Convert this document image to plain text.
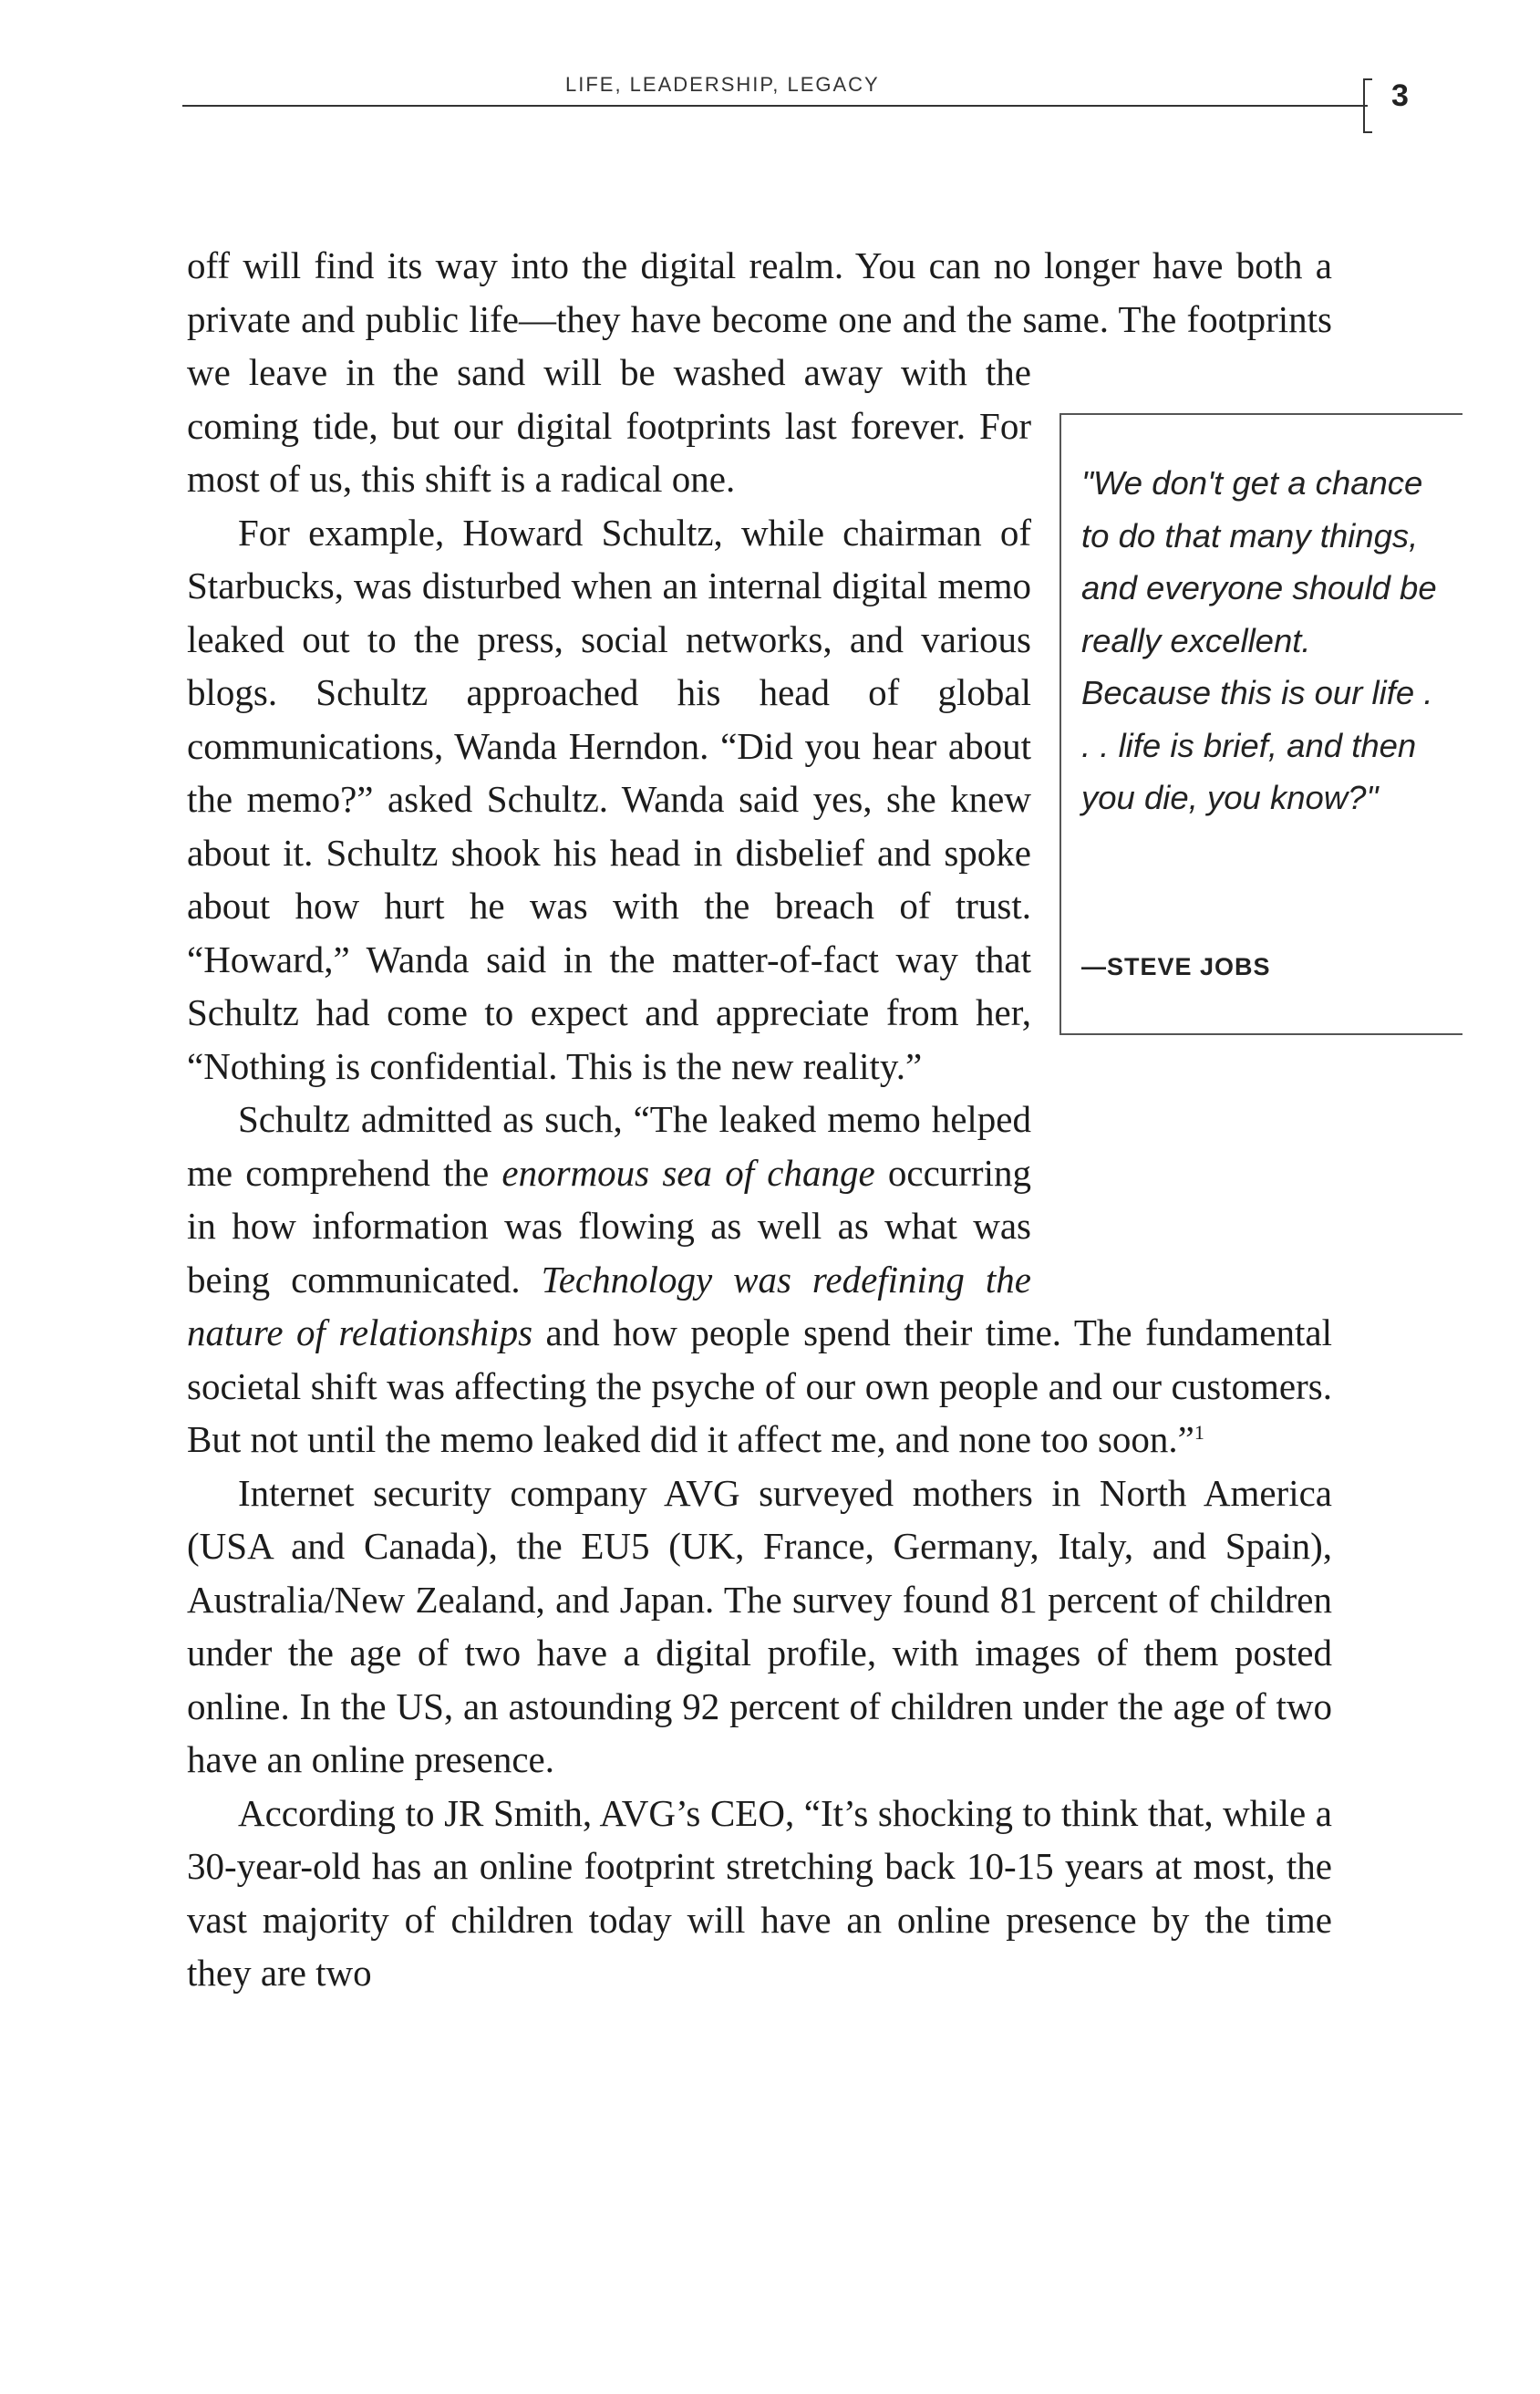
LIFE, LEADERSHIP, LEGACY	3

off will find its way into the digital realm. You can no longer have both a private and public life—they have become one and the same. The footprints we leave in the sand will be washed away with the coming tide, but our digital footprints last forever. For most of us, this shift is a radical one.

For example, Howard Schultz, while chairman of Starbucks, was disturbed when an internal digital memo leaked out to the press, social networks, and various blogs. Schultz approached his head of global communications, Wanda Herndon. “Did you hear about the memo?” asked Schultz. Wanda said yes, she knew about it. Schultz shook his head in disbelief and spoke about how hurt he was with the breach of trust. “Howard,” Wanda said in the matter-of-fact way that Schultz had come to expect and appreciate from her, “Nothing is confidential. This is the new reality.”

Schultz admitted as such, “The leaked memo helped me comprehend the enormous sea of change occurring in how information was flowing as well as what was being communicated. Technology was redefining the nature of relationships and how people spend their time. The fundamental societal shift was affecting the psyche of our own people and our customers. But not until the memo leaked did it affect me, and none too soon.”$^1$

Internet security company AVG surveyed mothers in North America (USA and Canada), the EU5 (UK, France, Germany, Italy, and Spain), Australia/New Zealand, and Japan. The survey found 81 percent of children under the age of two have a digital profile, with images of them posted online. In the US, an astounding 92 percent of children under the age of two have an online presence.

According to JR Smith, AVG’s CEO, “It’s shocking to think that, while a 30-year-old has an online footprint stretching back 10-15 years at most, the vast majority of children today will have an online presence by the time they are two

"We don't get a chance to do that many things, and everyone should be really excellent. Because this is our life . . . life is brief, and then you die, you know?"
—STEVE JOBS
